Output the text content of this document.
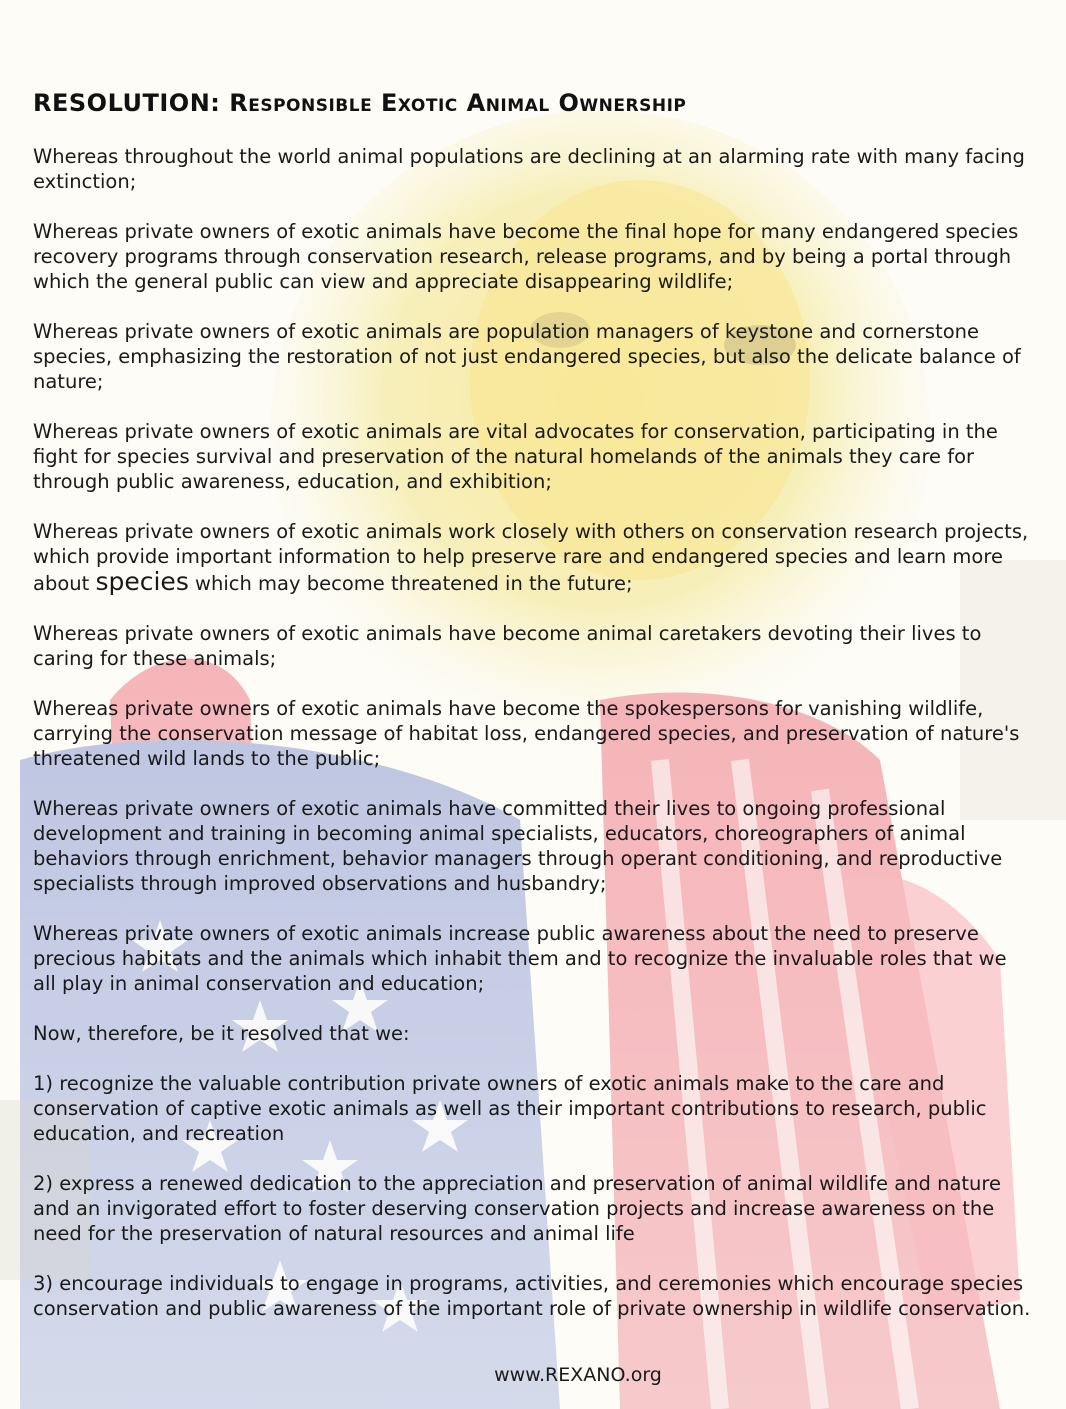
RESOLUTION: Responsible Exotic Animal Ownership
Whereas throughout the world animal populations are declining at an alarming rate with many facing extinction;
Whereas private owners of exotic animals have become the final hope for many endangered species recovery programs through conservation research, release programs, and by being a portal through which the general public can view and appreciate disappearing wildlife;
Whereas private owners of exotic animals are population managers of keystone and cornerstone species, emphasizing the restoration of not just endangered species, but also the delicate balance of nature;
Whereas private owners of exotic animals are vital advocates for conservation, participating in the fight for species survival and preservation of the natural homelands of the animals they care for through public awareness, education, and exhibition;
Whereas private owners of exotic animals work closely with others on conservation research projects, which provide important information to help preserve rare and endangered species and learn more about species which may become threatened in the future;
Whereas private owners of exotic animals have become animal caretakers devoting their lives to caring for these animals;
Whereas private owners of exotic animals have become the spokespersons for vanishing wildlife, carrying the conservation message of habitat loss, endangered species, and preservation of nature's threatened wild lands to the public;
Whereas private owners of exotic animals have committed their lives to ongoing professional development and training in becoming animal specialists, educators, choreographers of animal behaviors through enrichment, behavior managers through operant conditioning, and reproductive specialists through improved observations and husbandry;
Whereas private owners of exotic animals increase public awareness about the need to preserve precious habitats and the animals which inhabit them and to recognize the invaluable roles that we all play in animal conservation and education;
Now, therefore, be it resolved that we:
1) recognize the valuable contribution private owners of exotic animals make to the care and conservation of captive exotic animals as well as their important contributions to research, public education, and recreation
2) express a renewed dedication to the appreciation and preservation of animal wildlife and nature and an invigorated effort to foster deserving conservation projects and increase awareness on the need for the preservation of natural resources and animal life
3) encourage individuals to engage in programs, activities, and ceremonies which encourage species conservation and public awareness of the important role of private ownership in wildlife conservation.
www.REXANO.org
